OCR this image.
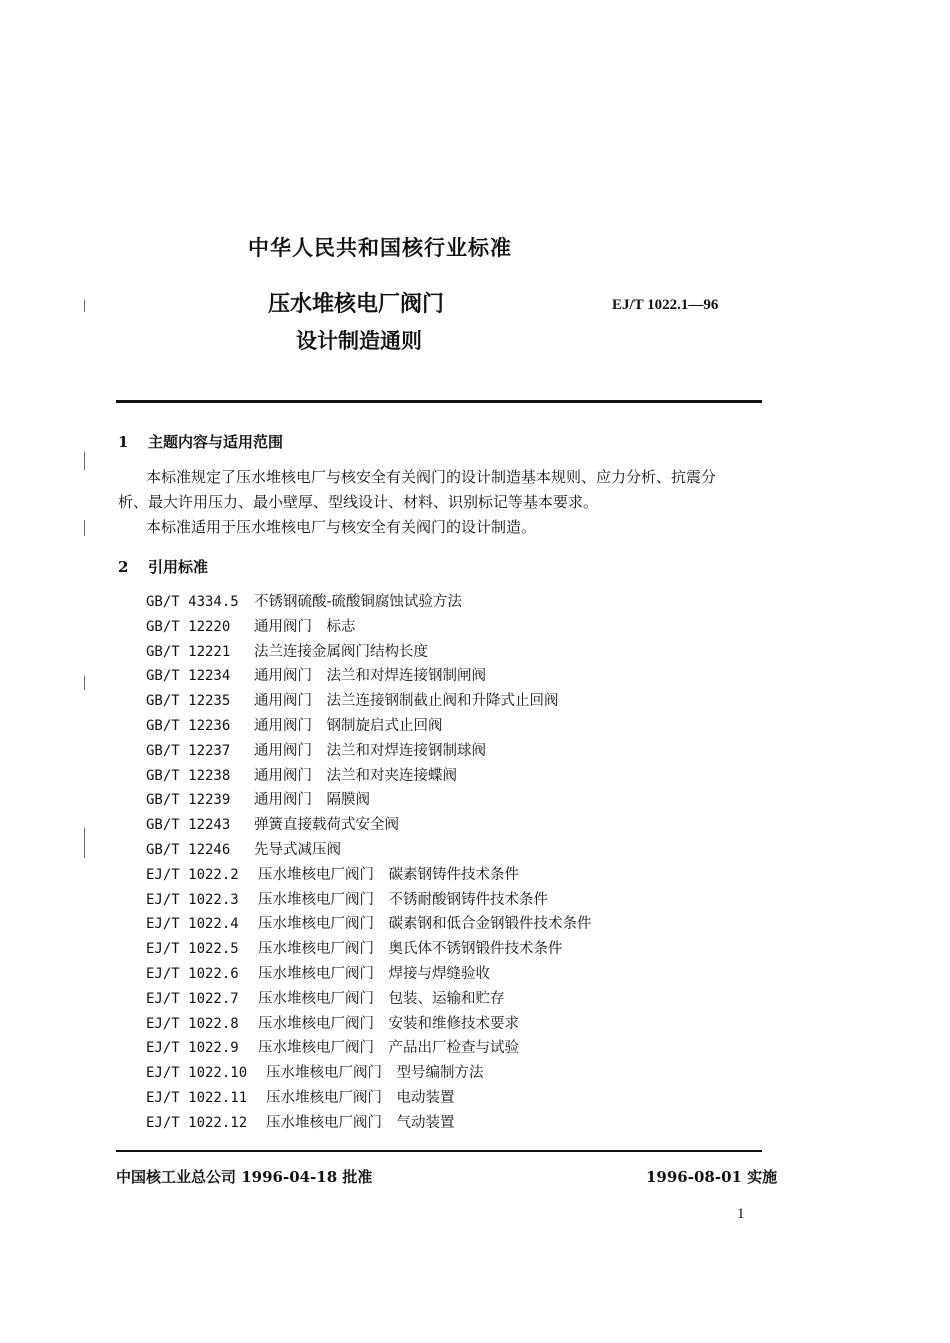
中华人民共和国核行业标准
压水堆核电厂阀门
设计制造通则
EJ/T 1022.1—96
1 主题内容与适用范围
本标准规定了压水堆核电厂与核安全有关阀门的设计制造基本规则、应力分析、抗震分
析、最大许用压力、最小壁厚、型线设计、材料、识别标记等基本要求。
本标准适用于压水堆核电厂与核安全有关阀门的设计制造。
2 引用标准
GB/T 4334.5 不锈钢硫酸-硫酸铜腐蚀试验方法
GB/T 12220 通用阀门　标志
GB/T 12221 法兰连接金属阀门结构长度
GB/T 12234 通用阀门　法兰和对焊连接钢制闸阀
GB/T 12235 通用阀门　法兰连接钢制截止阀和升降式止回阀
GB/T 12236 通用阀门　钢制旋启式止回阀
GB/T 12237 通用阀门　法兰和对焊连接钢制球阀
GB/T 12238 通用阀门　法兰和对夹连接蝶阀
GB/T 12239 通用阀门　隔膜阀
GB/T 12243 弹簧直接载荷式安全阀
GB/T 12246 先导式减压阀
EJ/T 1022.2 压水堆核电厂阀门　碳素钢铸件技术条件
EJ/T 1022.3 压水堆核电厂阀门　不锈耐酸钢铸件技术条件
EJ/T 1022.4 压水堆核电厂阀门　碳素钢和低合金钢锻件技术条件
EJ/T 1022.5 压水堆核电厂阀门　奥氏体不锈钢锻件技术条件
EJ/T 1022.6 压水堆核电厂阀门　焊接与焊缝验收
EJ/T 1022.7 压水堆核电厂阀门　包装、运输和贮存
EJ/T 1022.8 压水堆核电厂阀门　安装和维修技术要求
EJ/T 1022.9 压水堆核电厂阀门　产品出厂检查与试验
EJ/T 1022.10 压水堆核电厂阀门　型号编制方法
EJ/T 1022.11 压水堆核电厂阀门　电动装置
EJ/T 1022.12 压水堆核电厂阀门　气动装置
中国核工业总公司 1996-04-18 批准	1996-08-01 实施
1
